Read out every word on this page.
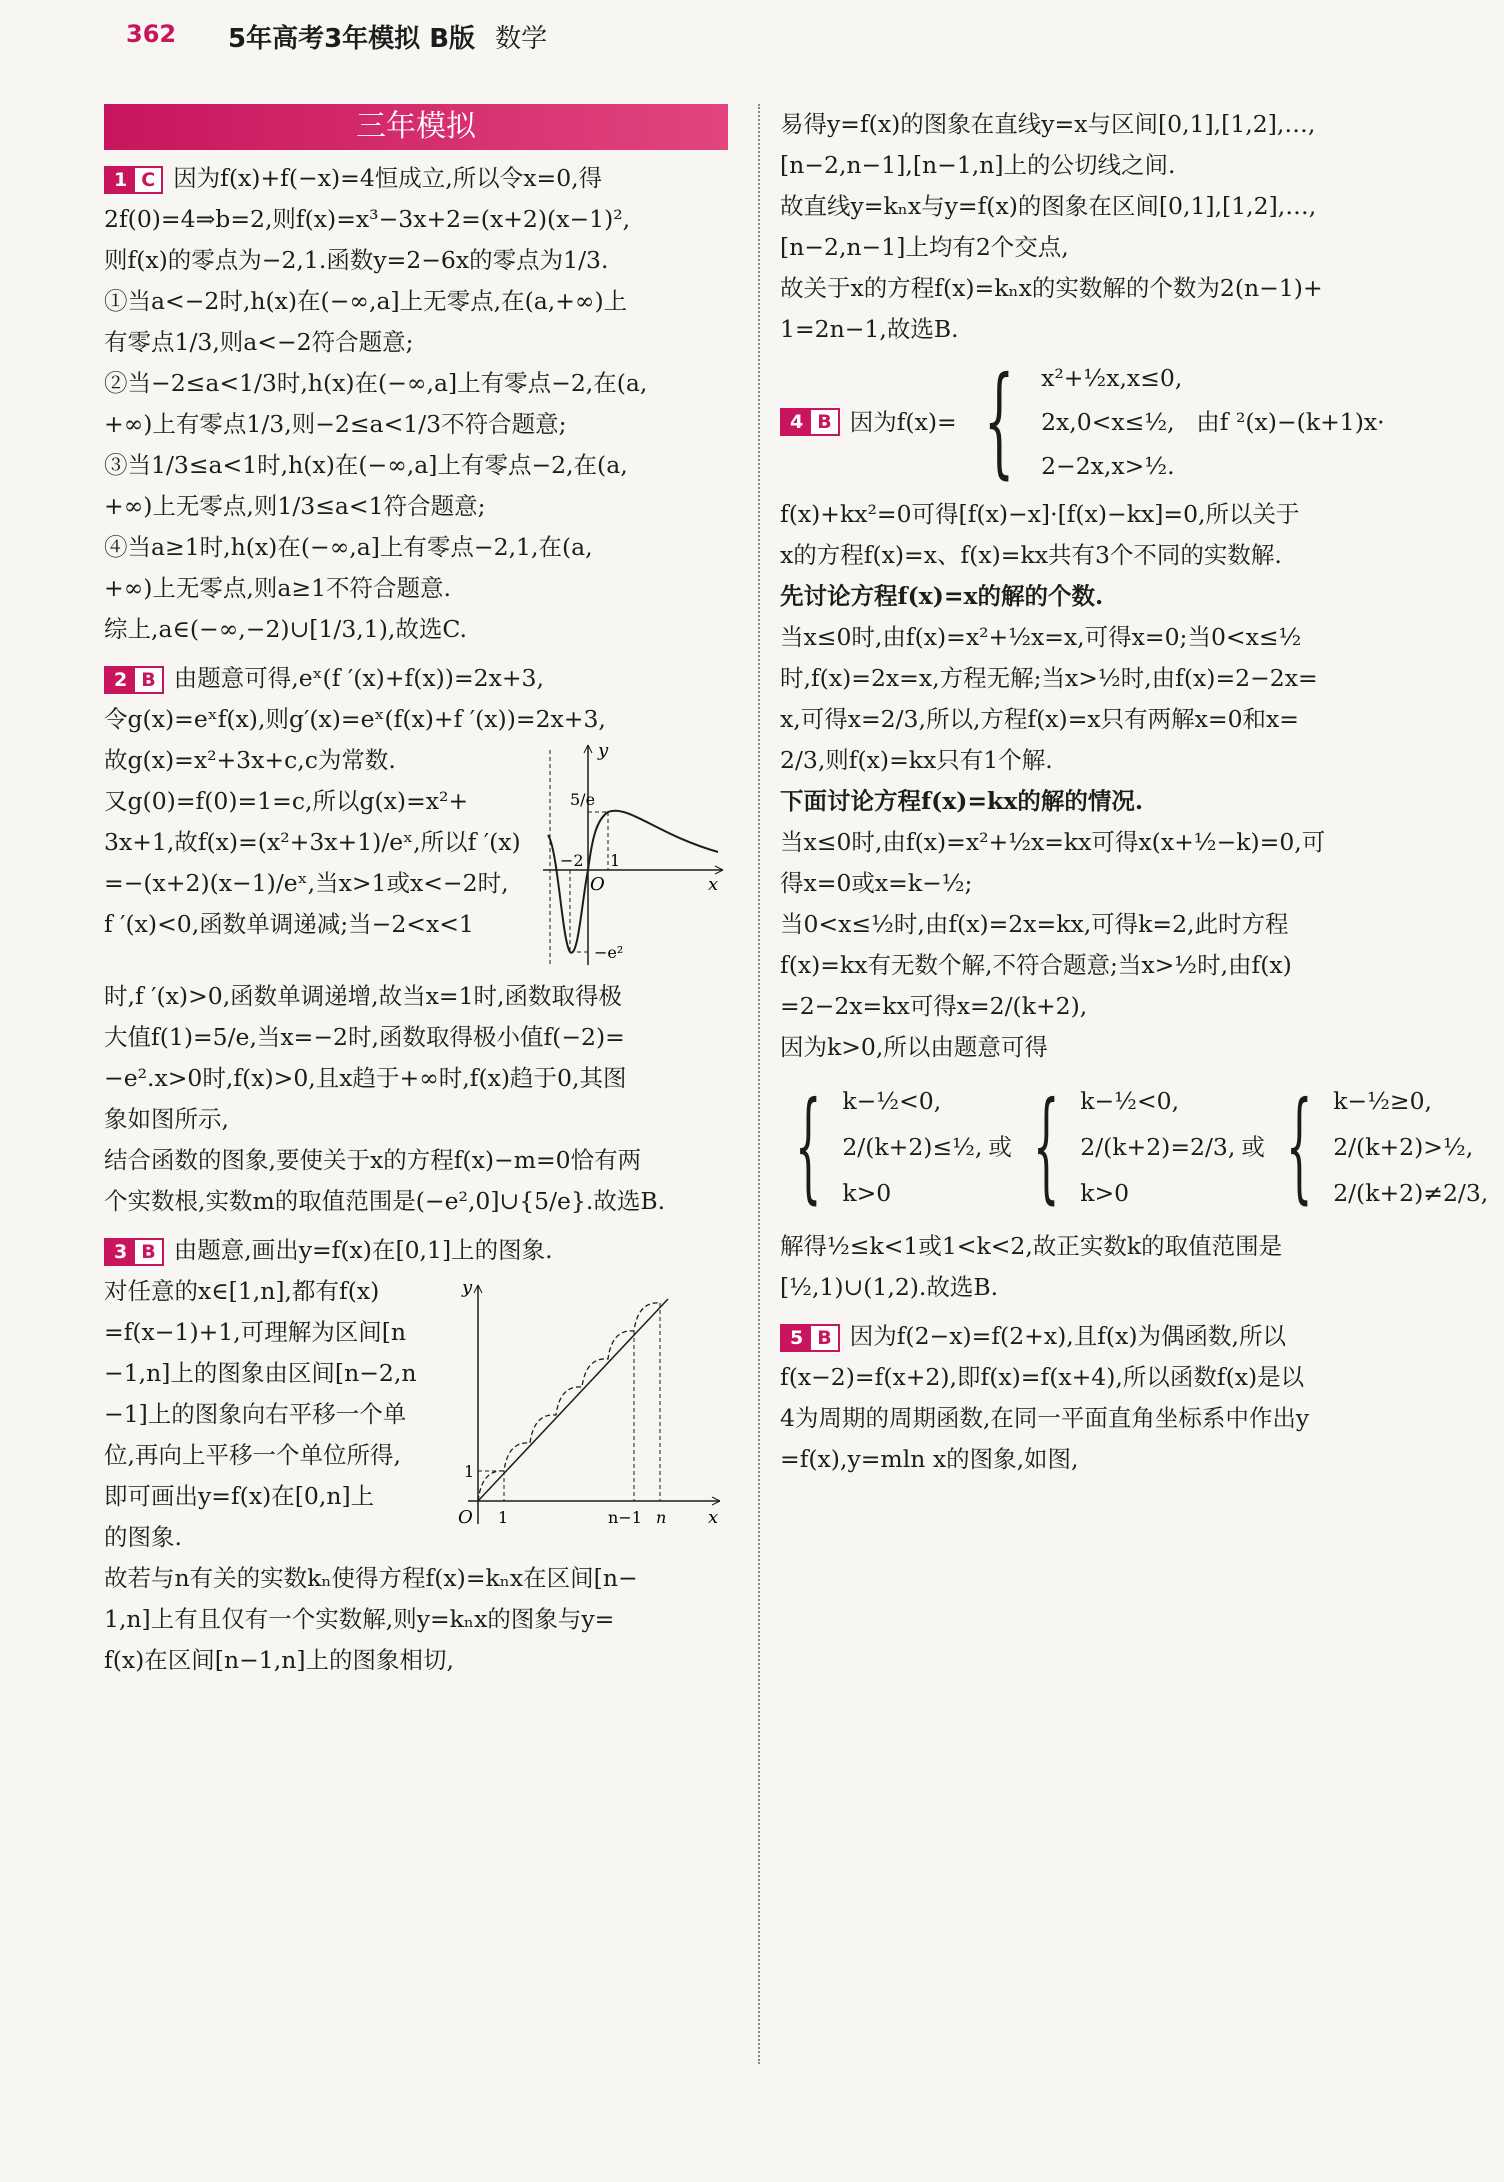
362 5年高考3年模拟 B版 数学
三年模拟

1 C 因为f(x)+f(−x)=4恒成立,所以令x=0,得

2f(0)=4⇒b=2,则f(x)=x³−3x+2=(x+2)(x−1)²,

则f(x)的零点为−2,1.函数y=2−6x的零点为1/3.

①当a<−2时,h(x)在(−∞,a]上无零点,在(a,+∞)上

有零点1/3,则a<−2符合题意;

②当−2≤a<1/3时,h(x)在(−∞,a]上有零点−2,在(a,

+∞)上有零点1/3,则−2≤a<1/3不符合题意;

③当1/3≤a<1时,h(x)在(−∞,a]上有零点−2,在(a,

+∞)上无零点,则1/3≤a<1符合题意;

④当a≥1时,h(x)在(−∞,a]上有零点−2,1,在(a,

+∞)上无零点,则a≥1不符合题意.

综上,a∈(−∞,−2)∪[1/3,1),故选C.

2 B 由题意可得,eˣ(f ′(x)+f(x))=2x+3,

令g(x)=eˣf(x),则g′(x)=eˣ(f(x)+f ′(x))=2x+3,

y
x
O
5/e
−2 1
−e²

故g(x)=x²+3x+c,c为常数.

又g(0)=f(0)=1=c,所以g(x)=x²+

3x+1,故f(x)=(x²+3x+1)/eˣ,所以f ′(x)

=−(x+2)(x−1)/eˣ,当x>1或x<−2时,

f ′(x)<0,函数单调递减;当−2<x<1

时,f ′(x)>0,函数单调递增,故当x=1时,函数取得极

大值f(1)=5/e,当x=−2时,函数取得极小值f(−2)=

−e².x>0时,f(x)>0,且x趋于+∞时,f(x)趋于0,其图

象如图所示,

结合函数的图象,要使关于x的方程f(x)−m=0恰有两

个实数根,实数m的取值范围是(−e²,0]∪{5/e}.故选B.

3 B 由题意,画出y=f(x)在[0,1]上的图象.

y
x
O 1
1
n−1 n

对任意的x∈[1,n],都有f(x)

=f(x−1)+1,可理解为区间[n

−1,n]上的图象由区间[n−2,n

−1]上的图象向右平移一个单

位,再向上平移一个单位所得,

即可画出y=f(x)在[0,n]上

的图象.

故若与n有关的实数kₙ使得方程f(x)=kₙx在区间[n−

1,n]上有且仅有一个实数解,则y=kₙx的图象与y=

f(x)在区间[n−1,n]上的图象相切,

易得y=f(x)的图象在直线y=x与区间[0,1],[1,2],…,

[n−2,n−1],[n−1,n]上的公切线之间.

故直线y=kₙx与y=f(x)的图象在区间[0,1],[1,2],…,

[n−2,n−1]上均有2个交点,

故关于x的方程f(x)=kₙx的实数解的个数为2(n−1)+

1=2n−1,故选B.

4 B 因为f(x)= { x²+½x,x≤0,
2x,0<x≤½,
2−2x,x>½.
由f ²(x)−(k+1)x·

f(x)+kx²=0可得[f(x)−x]·[f(x)−kx]=0,所以关于

x的方程f(x)=x、f(x)=kx共有3个不同的实数解.

先讨论方程f(x)=x的解的个数.

当x≤0时,由f(x)=x²+½x=x,可得x=0;当0<x≤½

时,f(x)=2x=x,方程无解;当x>½时,由f(x)=2−2x=

x,可得x=2/3,所以,方程f(x)=x只有两解x=0和x=

2/3,则f(x)=kx只有1个解.

下面讨论方程f(x)=kx的解的情况.

当x≤0时,由f(x)=x²+½x=kx可得x(x+½−k)=0,可

得x=0或x=k−½;

当0<x≤½时,由f(x)=2x=kx,可得k=2,此时方程

f(x)=kx有无数个解,不符合题意;当x>½时,由f(x)

=2−2x=kx可得x=2/(k+2),

因为k>0,所以由题意可得

{ k−½<0,
2/(k+2)≤½,
k>0
或 { k−½<0,
2/(k+2)=2/3,
k>0
或 { k−½≥0,
2/(k+2)>½,
2/(k+2)≠2/3,

解得½≤k<1或1<k<2,故正实数k的取值范围是

[½,1)∪(1,2).故选B.

5 B 因为f(2−x)=f(2+x),且f(x)为偶函数,所以

f(x−2)=f(x+2),即f(x)=f(x+4),所以函数f(x)是以

4为周期的周期函数,在同一平面直角坐标系中作出y

=f(x),y=mln x的图象,如图,
